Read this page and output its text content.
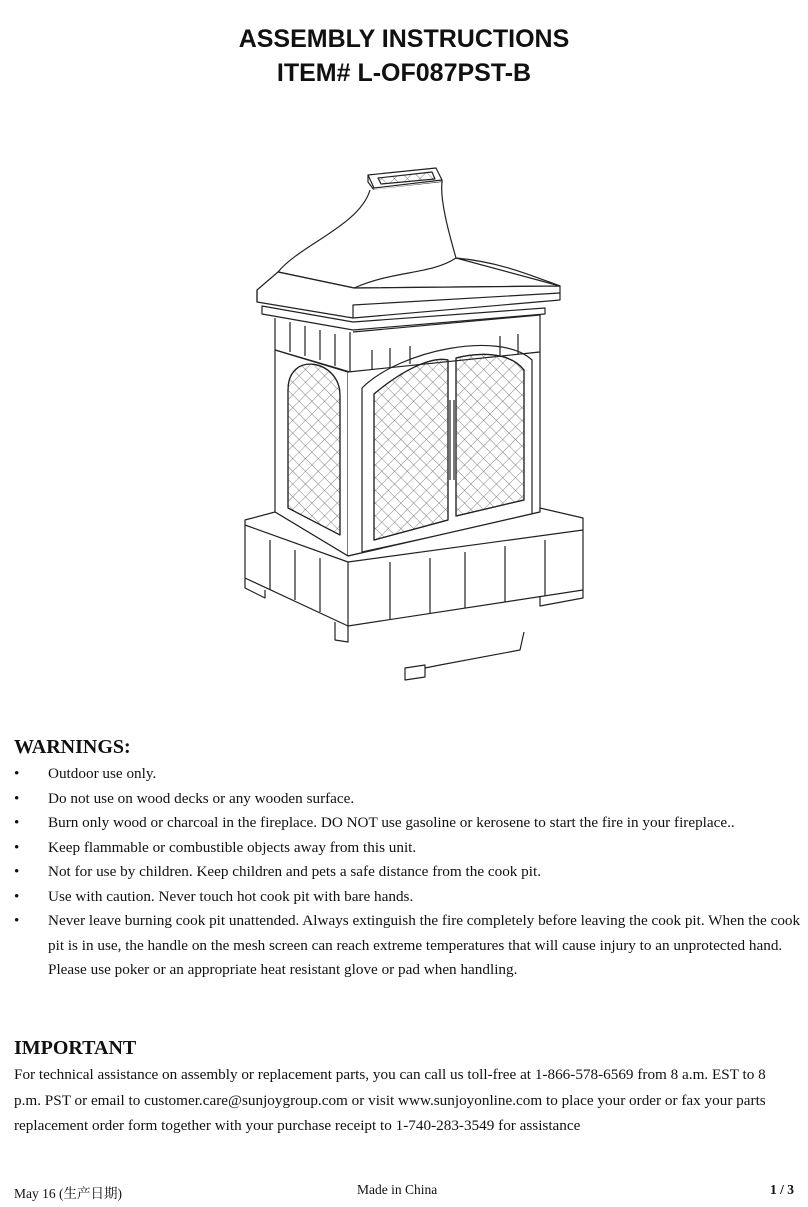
ASSEMBLY INSTRUCTIONS
ITEM# L-OF087PST-B
WARNINGS:
• Outdoor use only.
• Do not use on wood decks or any wooden surface.
• Burn only wood or charcoal in the fireplace. DO NOT use gasoline or kerosene to start the fire in your fireplace..
• Keep flammable or combustible objects away from this unit.
• Not for use by children. Keep children and pets a safe distance from the cook pit.
• Use with caution. Never touch hot cook pit with bare hands.
• Never leave burning cook pit unattended. Always extinguish the fire completely before leaving the cook pit. When the cook pit is in use, the handle on the mesh screen can reach extreme temperatures that will cause injury to an unprotected hand. Please use poker or an appropriate heat resistant glove or pad when handling.
IMPORTANT
For technical assistance on assembly or replacement parts, you can call us toll-free at 1-866-578-6569 from 8 a.m. EST to 8 p.m. PST or email to customer.care@sunjoygroup.com or visit www.sunjoyonline.com to place your order or fax your parts replacement order form together with your purchase receipt to 1-740-283-3549 for assistance
May 16 (生产日期)	Made in China	1 / 3
